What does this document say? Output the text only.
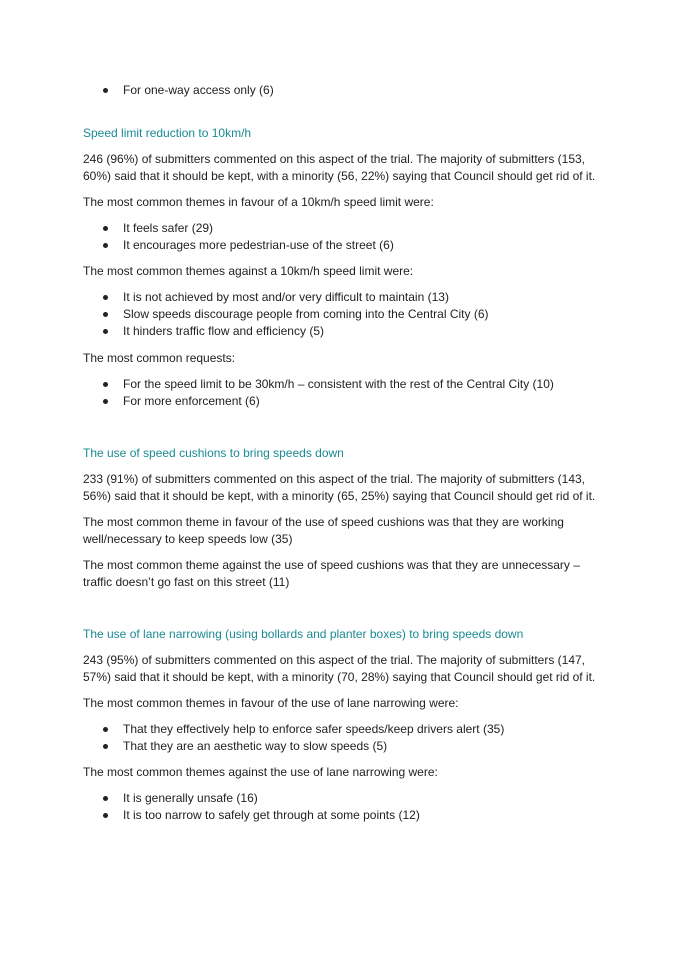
For one-way access only (6)

Speed limit reduction to 10km/h

246 (96%) of submitters commented on this aspect of the trial. The majority of submitters (153, 60%) said that it should be kept, with a minority (56, 22%) saying that Council should get rid of it.

The most common themes in favour of a 10km/h speed limit were:

It feels safer (29)
It encourages more pedestrian-use of the street (6)

The most common themes against a 10km/h speed limit were:

It is not achieved by most and/or very difficult to maintain (13)
Slow speeds discourage people from coming into the Central City (6)
It hinders traffic flow and efficiency (5)

The most common requests:

For the speed limit to be 30km/h – consistent with the rest of the Central City (10)
For more enforcement (6)

The use of speed cushions to bring speeds down

233 (91%) of submitters commented on this aspect of the trial. The majority of submitters (143, 56%) said that it should be kept, with a minority (65, 25%) saying that Council should get rid of it.

The most common theme in favour of the use of speed cushions was that they are working well/necessary to keep speeds low (35)

The most common theme against the use of speed cushions was that they are unnecessary – traffic doesn’t go fast on this street (11)

The use of lane narrowing (using bollards and planter boxes) to bring speeds down

243 (95%) of submitters commented on this aspect of the trial. The majority of submitters (147, 57%) said that it should be kept, with a minority (70, 28%) saying that Council should get rid of it.

The most common themes in favour of the use of lane narrowing were:

That they effectively help to enforce safer speeds/keep drivers alert (35)
That they are an aesthetic way to slow speeds (5)

The most common themes against the use of lane narrowing were:

It is generally unsafe (16)
It is too narrow to safely get through at some points (12)
